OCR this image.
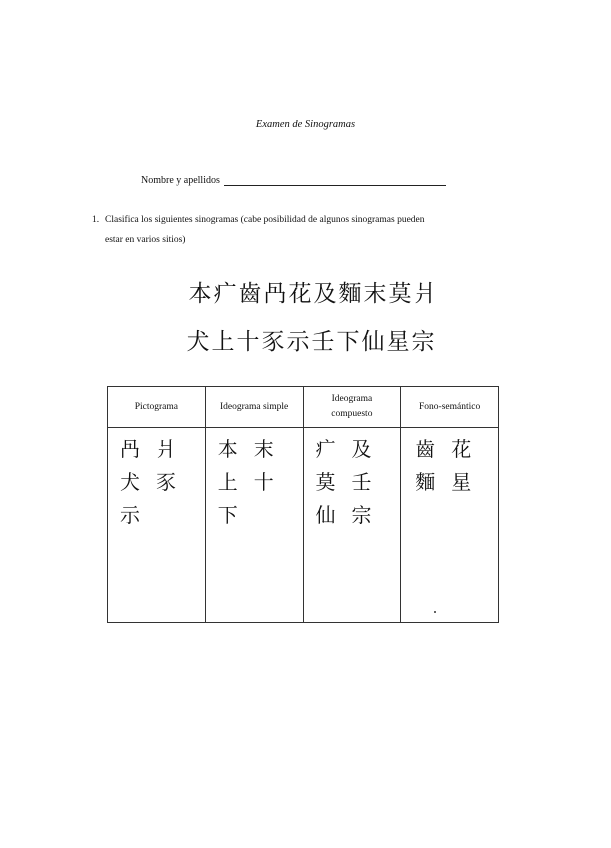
Examen de Sinogramas
Nombre y apellidos
1. Clasifica los siguientes sinogramas (cabe posibilidad de algunos sinogramas pueden
estar en varios sitios)
本疒齒冎花及麵末莫爿
犬上十豕示壬下仙星宗
Pictograma	Ideograma simple	Ideograma
compuesto	Fono-semántico

冎 爿
犬 豕
示

本 末
上 十
下

疒 及
莫 壬
仙 宗

齒 花
麵 星
